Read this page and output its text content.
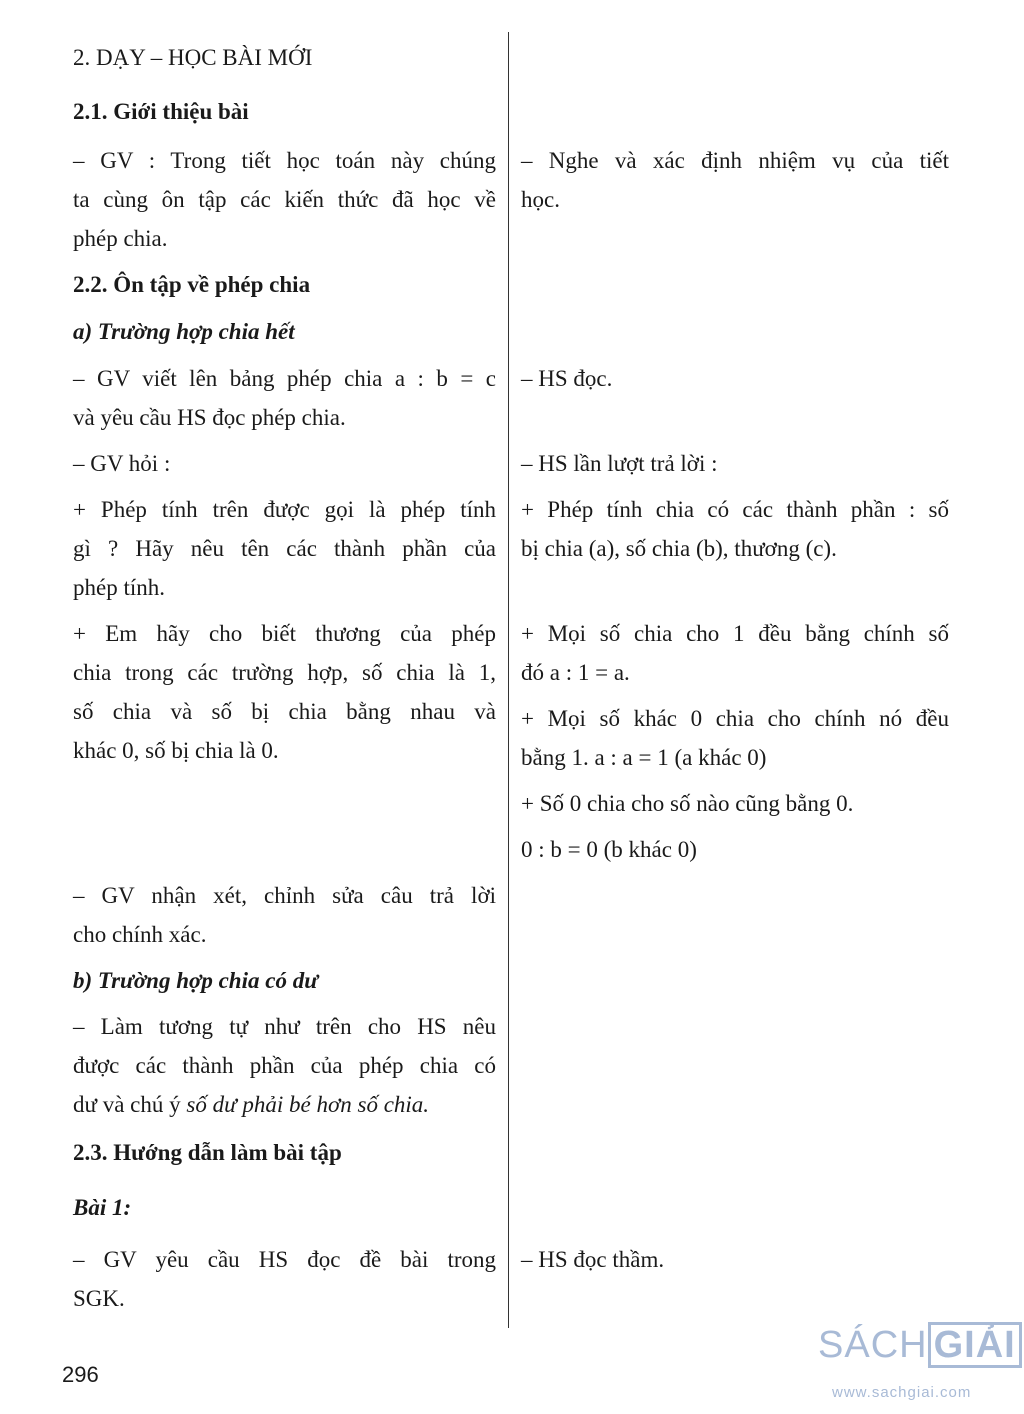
2. DẠY – HỌC BÀI MỚI
2.1. Giới thiệu bài
– GV : Trong tiết học toán này chúng
ta cùng ôn tập các kiến thức đã học về
phép chia.
– Nghe và xác định nhiệm vụ của tiết
học.
2.2. Ôn tập về phép chia
a) Trường hợp chia hết
– GV viết lên bảng phép chia a : b = c
và yêu cầu HS đọc phép chia.
– HS đọc.
– GV hỏi :	– HS lần lượt trả lời :
+ Phép tính trên được gọi là phép tính
gì ? Hãy nêu tên các thành phần của
phép tính.
+ Phép tính chia có các thành phần : số
bị chia (a), số chia (b), thương (c).
+ Em hãy cho biết thương của phép
chia trong các trường hợp, số chia là 1,
số chia và số bị chia bằng nhau và
khác 0, số bị chia là 0.
+ Mọi số chia cho 1 đều bằng chính số
đó a : 1 = a.
+ Mọi số khác 0 chia cho chính nó đều
bằng 1. a : a = 1 (a khác 0)
+ Số 0 chia cho số nào cũng bằng 0.
0 : b = 0 (b khác 0)
– GV nhận xét, chỉnh sửa câu trả lời
cho chính xác.
b) Trường hợp chia có dư
– Làm tương tự như trên cho HS nêu
được các thành phần của phép chia có
dư và chú ý số dư phải bé hơn số chia.
2.3. Hướng dẫn làm bài tập
Bài 1:
– GV yêu cầu HS đọc đề bài trong
SGK.
– HS đọc thầm.
296
SÁCH GIẢI
www.sachgiai.com
